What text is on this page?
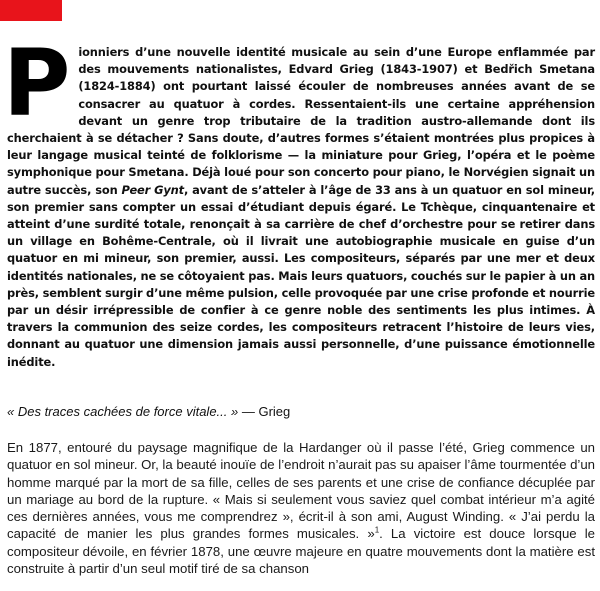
P ionniers d’une nouvelle identité musicale au sein d’une Europe enflammée par des mouvements nationalistes, Edvard Grieg (1843-1907) et Bedřich Smetana (1824-1884) ont pourtant laissé écouler de nombreuses années avant de se consacrer au quatuor à cordes. Ressentaient-ils une certaine appréhension devant un genre trop tributaire de la tradition austro-allemande dont ils cherchaient à se détacher ? Sans doute, d’autres formes s’étaient montrées plus propices à leur langage musical teinté de folklorisme — la miniature pour Grieg, l’opéra et le poème symphonique pour Smetana. Déjà loué pour son concerto pour piano, le Norvégien signait un autre succès, son Peer Gynt, avant de s’atteler à l’âge de 33 ans à un quatuor en sol mineur, son premier sans compter un essai d’étudiant depuis égaré. Le Tchèque, cinquantenaire et atteint d’une surdité totale, renonçait à sa carrière de chef d’orchestre pour se retirer dans un village en Bohême-Centrale, où il livrait une autobiographie musicale en guise d’un quatuor en mi mineur, son premier, aussi. Les compositeurs, séparés par une mer et deux identités nationales, ne se côtoyaient pas. Mais leurs quatuors, couchés sur le papier à un an près, semblent surgir d’une même pulsion, celle provoquée par une crise profonde et nourrie par un désir irrépressible de confier à ce genre noble des sentiments les plus intimes. À travers la communion des seize cordes, les compositeurs retracent l’histoire de leurs vies, donnant au quatuor une dimension jamais aussi personnelle, d’une puissance émotionnelle inédite.

« Des traces cachées de force vitale... » — Grieg

En 1877, entouré du paysage magnifique de la Hardanger où il passe l’été, Grieg commence un quatuor en sol mineur. Or, la beauté inouïe de l’endroit n’aurait pas su apaiser l’âme tourmentée d’un homme marqué par la mort de sa fille, celles de ses parents et une crise de confiance décuplée par un mariage au bord de la rupture. « Mais si seulement vous saviez quel combat intérieur m’a agité ces dernières années, vous me comprendrez », écrit-il à son ami, August Winding. « J’ai perdu la capacité de manier les plus grandes formes musicales. »$^1$. La victoire est douce lorsque le compositeur dévoile, en février 1878, une œuvre majeure en quatre mouvements dont la matière est construite à partir d’un seul motif tiré de sa chanson
